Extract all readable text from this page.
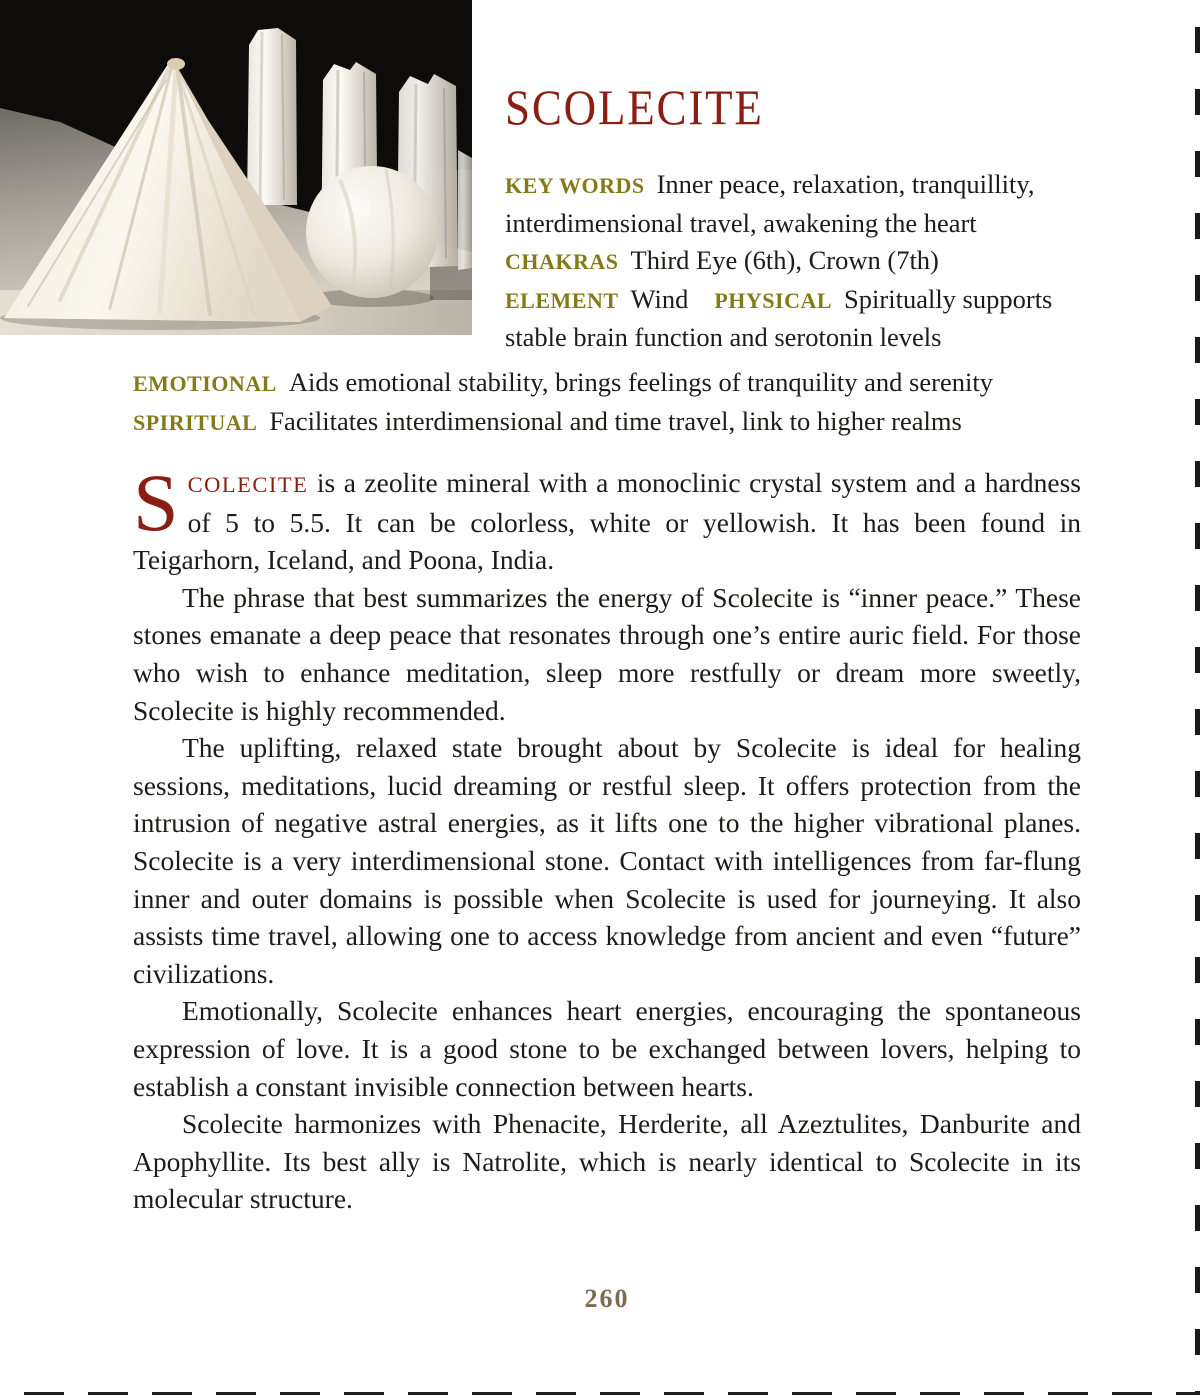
SCOLECITE

KEY WORDS Inner peace, relaxation, tranquillity, interdimensional travel, awakening the heart

CHAKRAS Third Eye (6th), Crown (7th)

ELEMENT Wind PHYSICAL Spiritually supports stable brain function and serotonin levels

EMOTIONAL Aids emotional stability, brings feelings of tranquility and serenity

SPIRITUAL Facilitates interdimensional and time travel, link to higher realms

SCOLECITE is a zeolite mineral with a monoclinic crystal system and a hardness of 5 to 5.5. It can be colorless, white or yellowish. It has been found in Teigarhorn, Iceland, and Poona, India.

The phrase that best summarizes the energy of Scolecite is “inner peace.” These stones emanate a deep peace that resonates through one’s entire auric field. For those who wish to enhance meditation, sleep more restfully or dream more sweetly, Scolecite is highly recommended.

The uplifting, relaxed state brought about by Scolecite is ideal for healing sessions, meditations, lucid dreaming or restful sleep. It offers protection from the intrusion of negative astral energies, as it lifts one to the higher vibrational planes. Scolecite is a very interdimensional stone. Contact with intelligences from far-flung inner and outer domains is possible when Scolecite is used for journeying. It also assists time travel, allowing one to access knowledge from ancient and even “future” civilizations.

Emotionally, Scolecite enhances heart energies, encouraging the spontaneous expression of love. It is a good stone to be exchanged between lovers, helping to establish a constant invisible connection between hearts.

Scolecite harmonizes with Phenacite, Herderite, all Azeztulites, Danburite and Apophyllite. Its best ally is Natrolite, which is nearly identical to Scolecite in its molecular structure.

260
